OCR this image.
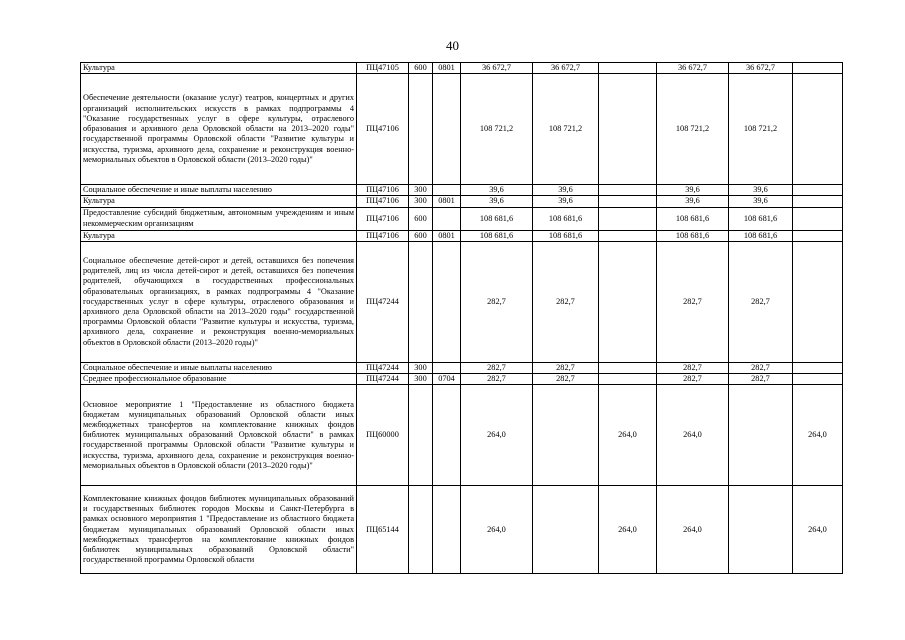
40
Культура	ПЦ47105	600	0801	36 672,7	36 672,7		36 672,7	36 672,7	
Обеспечение деятельности (оказание услуг) театров, концертных и других организаций исполнительских искусств в рамках подпрограммы 4 "Оказание государственных услуг в сфере культуры, отраслевого образования и архивного дела Орловской области на 2013–2020 годы" государственной программы Орловской области "Развитие культуры и искусства, туризма, архивного дела, сохранение и реконструкция военно-мемориальных объектов в Орловской области (2013–2020 годы)"	ПЦ47106			108 721,2	108 721,2		108 721,2	108 721,2	
Социальное обеспечение и иные выплаты населению	ПЦ47106	300		39,6	39,6		39,6	39,6	
Культура	ПЦ47106	300	0801	39,6	39,6		39,6	39,6	
Предоставление субсидий бюджетным, автономным учреждениям и иным некоммерческим организациям	ПЦ47106	600		108 681,6	108 681,6		108 681,6	108 681,6	
Культура	ПЦ47106	600	0801	108 681,6	108 681,6		108 681,6	108 681,6	
Социальное обеспечение детей-сирот и детей, оставшихся без попечения родителей, лиц из числа детей-сирот и детей, оставшихся без попечения родителей, обучающихся в государственных профессиональных образовательных организациях, в рамках подпрограммы 4 "Оказание государственных услуг в сфере культуры, отраслевого образования и архивного дела Орловской области на 2013–2020 годы" государственной программы Орловской области "Развитие культуры и искусства, туризма, архивного дела, сохранение и реконструкция военно-мемориальных объектов в Орловской области (2013–2020 годы)"	ПЦ47244			282,7	282,7		282,7	282,7	
Социальное обеспечение и иные выплаты населению	ПЦ47244	300		282,7	282,7		282,7	282,7	
Среднее профессиональное образование	ПЦ47244	300	0704	282,7	282,7		282,7	282,7	
Основное мероприятие 1 "Предоставление из областного бюджета бюджетам муниципальных образований Орловской области иных межбюджетных трансфертов на комплектование книжных фондов библиотек муниципальных образований Орловской области" в рамках государственной программы Орловской области "Развитие культуры и искусства, туризма, архивного дела, сохранение и реконструкция военно-мемориальных объектов в Орловской области (2013–2020 годы)"	ПЦ60000			264,0		264,0	264,0		264,0
Комплектование книжных фондов библиотек муниципальных образований и государственных библиотек городов Москвы и Санкт-Петербурга в рамках основного мероприятия 1 "Предоставление из областного бюджета бюджетам муниципальных образований Орловской области иных межбюджетных трансфертов на комплектование книжных фондов библиотек муниципальных образований Орловской области" государственной программы Орловской области	ПЦ65144			264,0		264,0	264,0		264,0
